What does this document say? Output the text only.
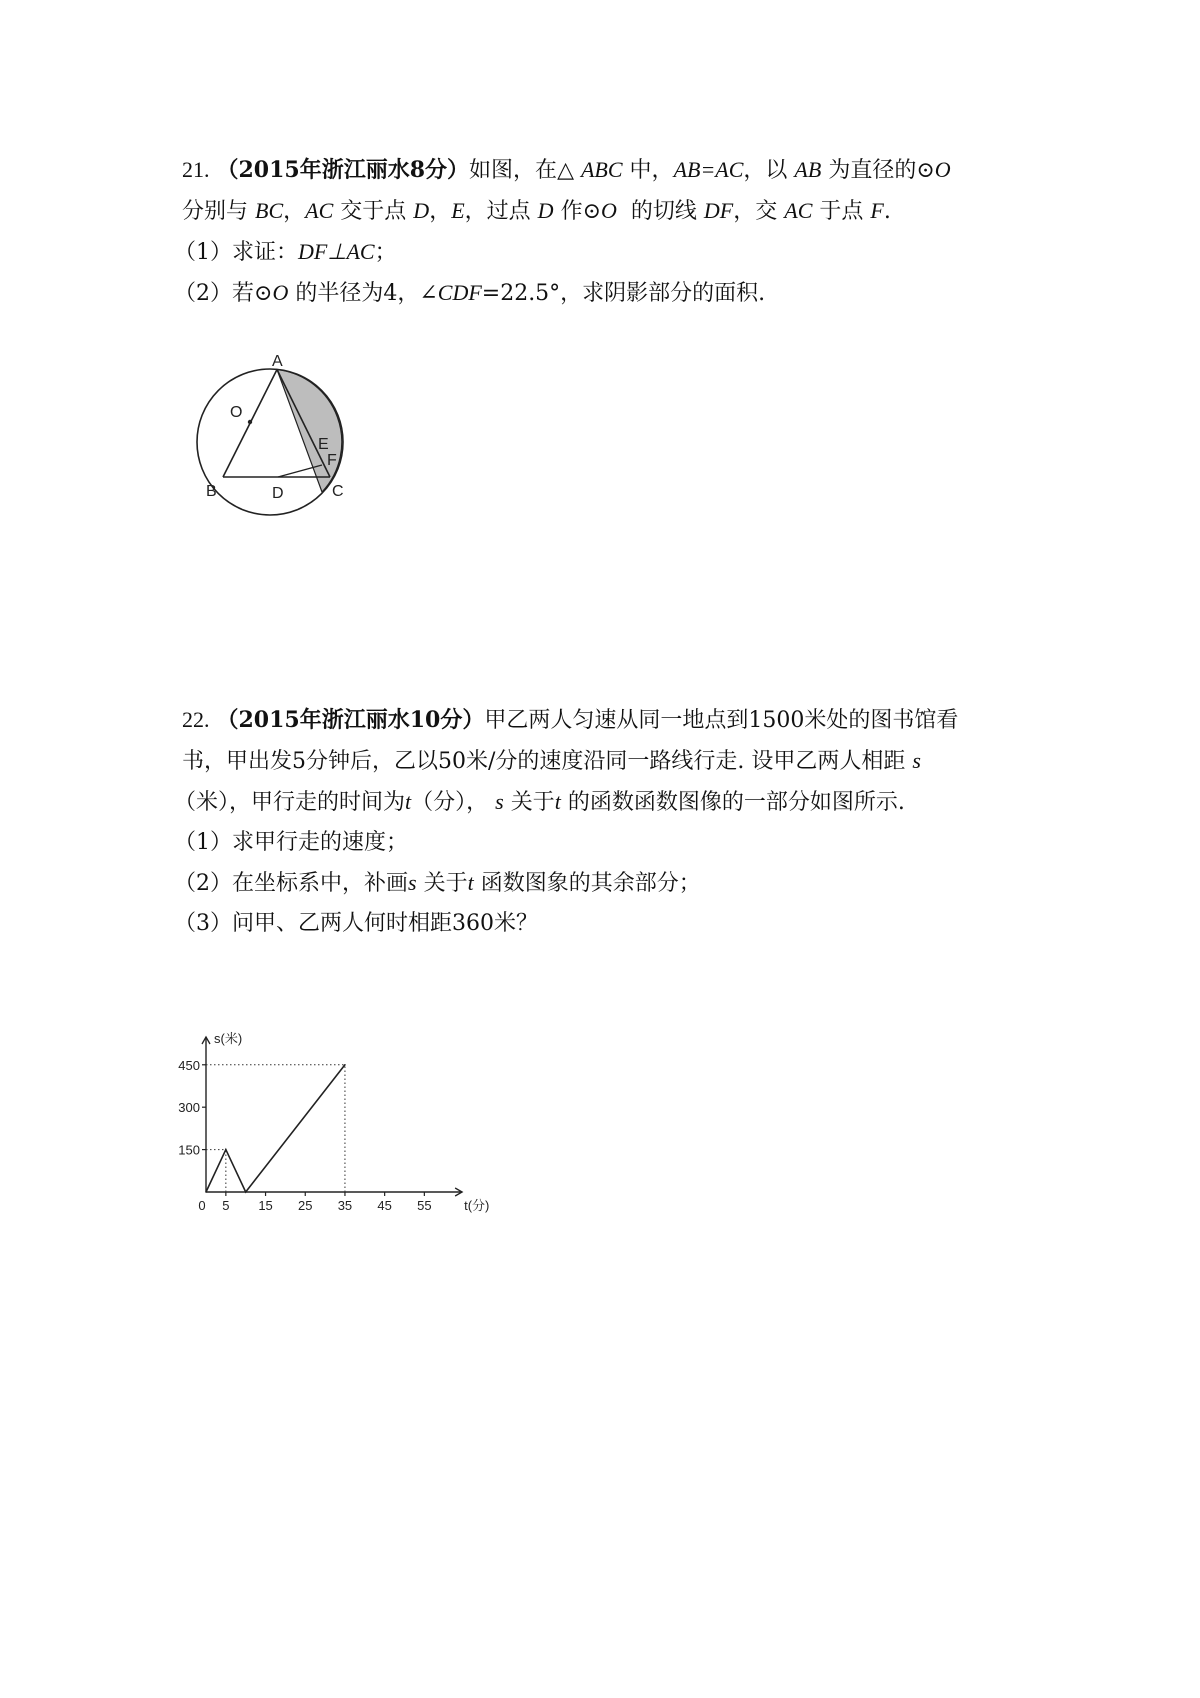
21. （2015年浙江丽水8分）如图，在△ ABC 中，AB=AC，以 AB 为直径的⊙O
分别与 BC，AC 交于点 D，E，过点 D 作⊙O 的切线 DF，交 AC 于点 F.
（1）求证：DF⊥AC；
（2）若⊙O 的半径为4，∠CDF=22.5°，求阴影部分的面积.
A
O
E
F
B	D	C
22. （2015年浙江丽水10分）甲乙两人匀速从同一地点到1500米处的图书馆看
书，甲出发5分钟后，乙以50米/分的速度沿同一路线行走. 设甲乙两人相距 s
（米），甲行走的时间为t（分）， s 关于t 的函数函数图像的一部分如图所示.
（1）求甲行走的速度；
（2）在坐标系中，补画s 关于t 函数图象的其余部分；
（3）问甲、乙两人何时相距360米？
150
300
450
0 5 15 25 35 45 55	t(分)
s(米)
